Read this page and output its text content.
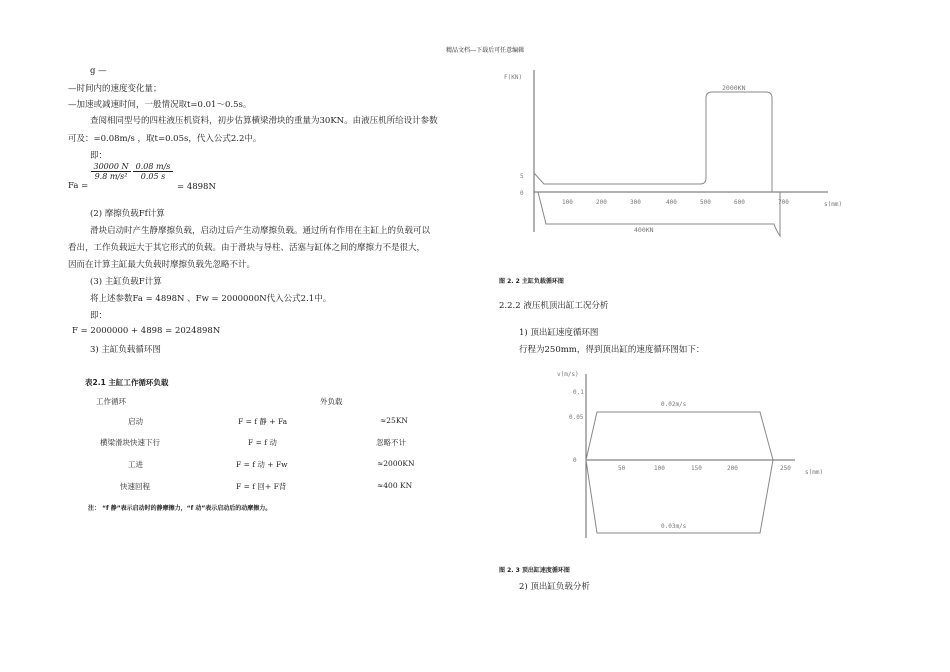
精品文档---下载后可任意编辑
g —
—时间内的速度变化量；
—加速或减速时间，一般情况取t=0.01～0.5s。
查阅相同型号的四柱液压机资料，初步估算横梁滑块的重量为30KN。由液压机所给设计参数
可及：=0.08m/s ，取t=0.05s，代入公式2.2中。
即：
Fa =
$\frac{30000 N}{\text{9.8 m/s²}} \frac{0.08 m/s}{0.05 s}$
= 4898N
(2) 摩擦负载Ff计算
滑块启动时产生静摩擦负载，启动过后产生动摩擦负载。通过所有作用在主缸上的负载可以
看出，工作负载远大于其它形式的负载。由于滑块与导柱、活塞与缸体之间的摩擦力不是很大，
因而在计算主缸最大负载时摩擦负载先忽略不计。
(3) 主缸负载F计算
将上述参数Fa = 4898N 、Fw = 2000000N代入公式2.1中。
即：
F = 2000000 + 4898 = 2024898N
3) 主缸负载循环图
表2.1 主缸工作循环负载
工作循环	外负载
启动	F = f 静 + Fa	≈25KN
横梁滑块快速下行	F = f 动	忽略不计
工进	F = f 动 + Fw	≈2000KN
快速回程	F = f 回+ F背	≈400 KN
注： “f 静”表示启动时的静摩擦力，“f 动”表示启动后的动摩擦力。
F(KN)
s(mm)
5
0
100	200	300	400	500	600	700
2000KN
400KN
图 2. 2 主缸负载循环图
2.2.2 液压机顶出缸工况分析
1) 顶出缸速度循环图
行程为250mm，得到顶出缸的速度循环图如下：
v(m/s)
s(mm)
0.1
0.05
0
50	100	150	200	250
0.02m/s
0.03m/s
图 2. 3 顶出缸速度循环图
2) 顶出缸负载分析
